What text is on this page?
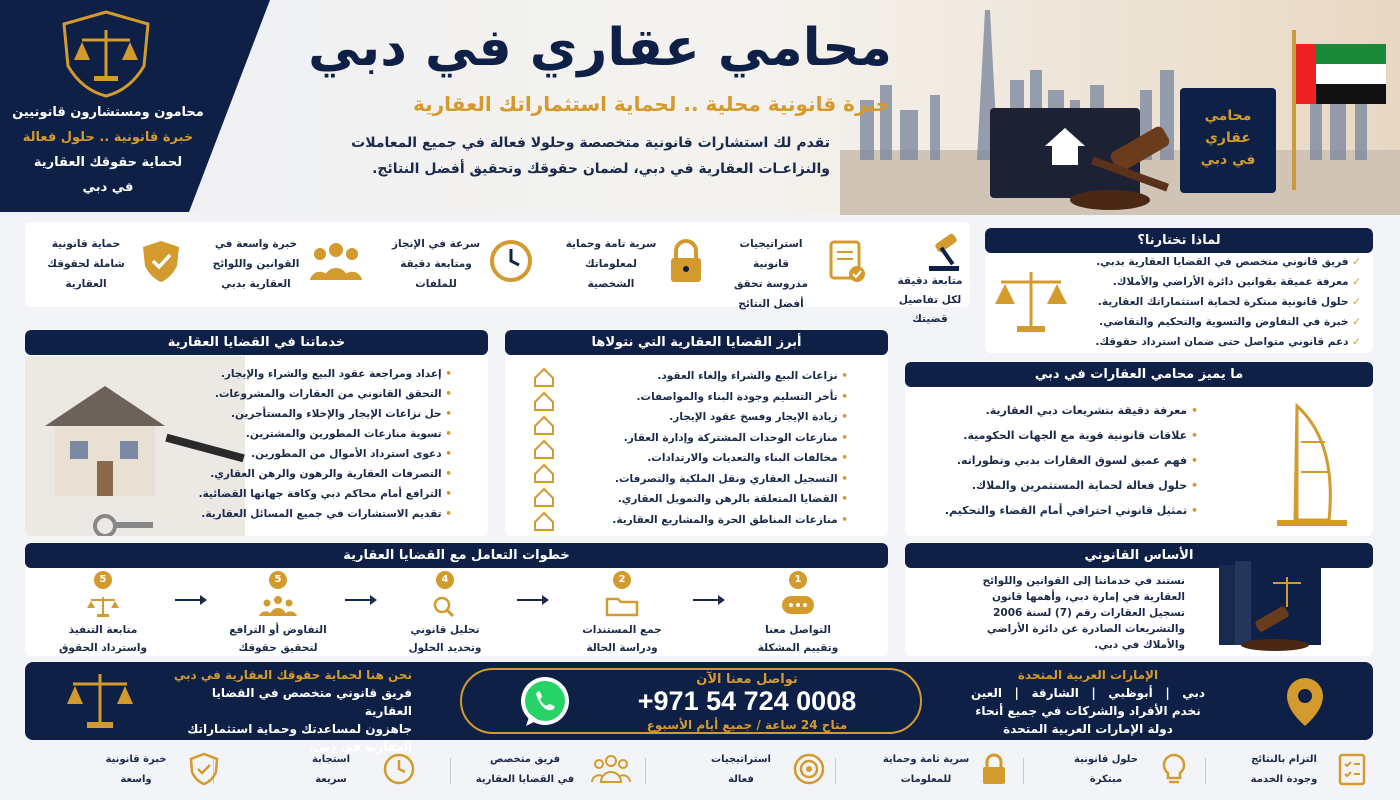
محامي
عقاري
في دبي
محامون ومستشارون قانونيين
خبرة قانونية .. حلول فعالة
لحماية حقوقك العقارية
في دبي
محامي عقاري في دبي
خبرة قانونية محلية .. لحماية استثماراتك العقارية
تقدم لك استشارات قانونية متخصصة وحلولا فعالة في جميع المعاملات
والنزاعـات العقارية في دبي، لضمان حقوقك وتحقيق أفضل النتائج.
متابعة دقيقة
لكل تفاصيل
قضيتك
استراتيجيات قانونية
مدروسة تحقق
أفضل النتائج
سرية تامة وحماية
لمعلوماتك
الشخصية
سرعة في الإنجاز
ومتابعة دقيقة
للملفات
خبرة واسعة في
القوانين واللوائح
العقارية بدبي
حماية قانونية
شاملة لحقوقك
العقارية
لماذا تختارنا؟
✓ فريق قانوني متخصص في القضايا العقارية بدبي.
✓ معرفة عميقة بقوانين دائرة الأراضي والأملاك.
✓ حلول قانونية مبتكرة لحماية استثماراتك العقارية.
✓ خبرة في التفاوض والتسوية والتحكيم والتقاضي.
✓ دعم قانوني متواصل حتى ضمان استرداد حقوقك.
خدماتنا في القضايا العقارية
• إعداد ومراجعة عقود البيع والشراء والإيجار.
• التحقق القانوني من العقارات والمشروعات.
• حل نزاعات الإيجار والإخلاء والمستأجرين.
• تسوية منازعات المطورين والمشترين.
• دعوى استرداد الأموال من المطورين.
• التصرفات العقارية والرهون والرهن العقاري.
• الترافع أمام محاكم دبي وكافة جهاتها القضائية.
• تقديم الاستشارات في جميع المسائل العقارية.
أبرز القضايا العقارية التي نتولاها
• نزاعات البيع والشراء وإلغاء العقود.
• تأخر التسليم وجودة البناء والمواصفات.
• زيادة الإيجار وفسخ عقود الإيجار.
• منازعات الوحدات المشتركة وإدارة العقار.
• مخالفات البناء والتعديات والارتدادات.
• التسجيل العقاري ونقل الملكية والتصرفات.
• القضايا المتعلقة بالرهن والتمويل العقاري.
• منازعات المناطق الحرة والمشاريع العقارية.
ما يميز محامي العقارات في دبي
• معرفة دقيقة بتشريعات دبي العقارية.
• علاقات قانونية قوية مع الجهات الحكومية.
• فهم عميق لسوق العقارات بدبي وتطوراته.
• حلول فعالة لحماية المستثمرين والملاك.
• تمثيل قانوني احترافي أمام القضاء والتحكيم.
خطوات التعامل مع القضايا العقارية
1
التواصل معنا
وتقييم المشكلة
2
جمع المستندات
ودراسة الحالة
4
تحليل قانوني
وتحديد الحلول
5
التفاوض أو الترافع
لتحقيق حقوقك
5
متابعة التنفيذ
واسترداد الحقوق
الأساس القانوني
نستند في خدماتنا إلى القوانين واللوائح
العقارية في إمارة دبي، وأهمها قانون
تسجيل العقارات رقم (7) لسنة 2006
والتشريعات الصادرة عن دائرة الأراضي
والأملاك في دبي.
نحن هنا لحماية حقوقك العقارية في دبي
فريق قانوني متخصص في القضايا العقارية
جاهزون لمساعدتك وحماية استثماراتك
العقارية في دبي.
تواصل معنا الآن
+971 54 724 0008
متاح 24 ساعة / جميع أيام الأسبوع
الإمارات العربية المتحدة
دبي   |   أبوظبي   |   الشارقة   |   العين
نخدم الأفراد والشركات في جميع أنحاء
دولة الإمارات العربية المتحدة
التزام بالنتائج
وجودة الخدمة
حلول قانونية
مبتكرة
سرية تامة وحماية
للمعلومات
استراتيجيات
فعالة
فريق متخصص
في القضايا العقارية
استجابة
سريعة
خبرة قانونية
واسعة
